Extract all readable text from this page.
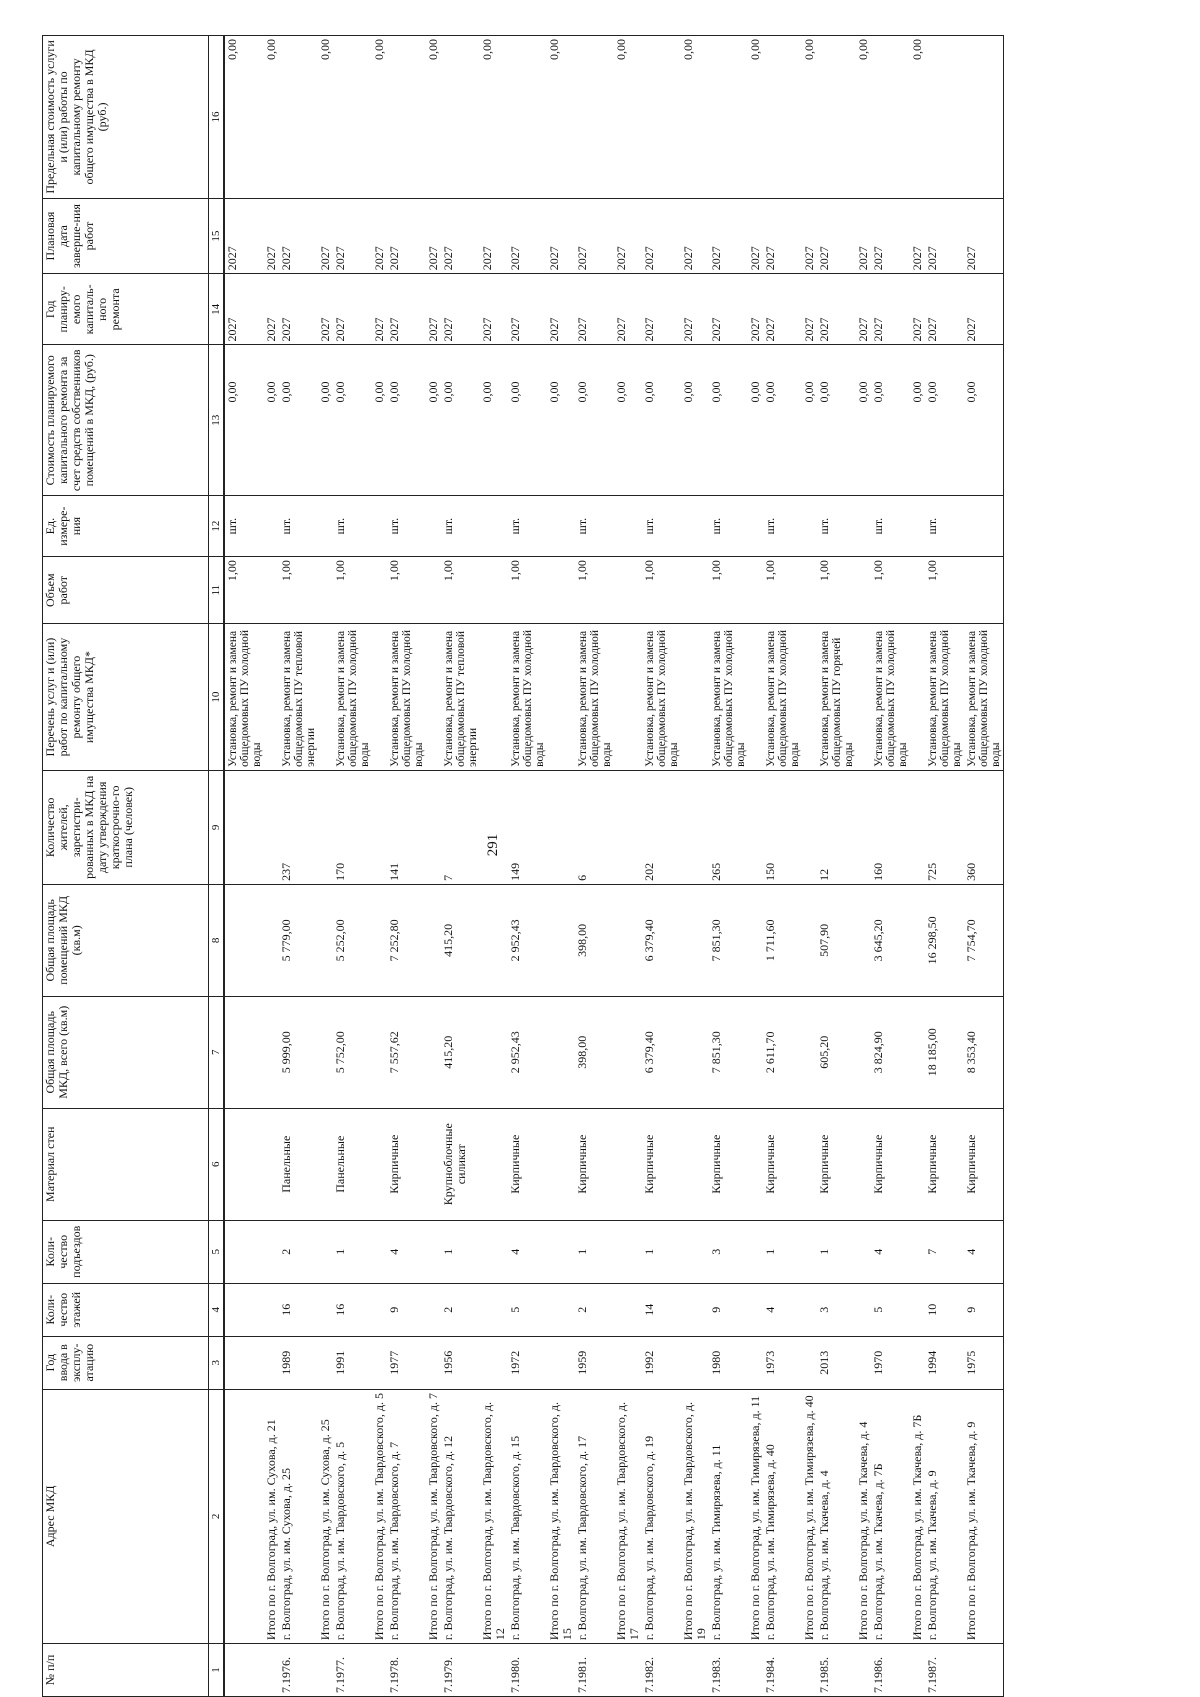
291
№ п/п	Адрес МКД	Год ввода в эксплу-атацию	Коли-чество этажей	Коли-чество подъездов	Материал стен	Общая площадь МКД, всего (кв.м)	Общая площадь помещений МКД (кв.м)	Количество жителей, зарегистри-рованных в МКД на дату утверждения краткосрочно-го плана (человек)	Перечень услуг и (или) работ по капитальному ремонту общего имущества МКД*	Объем работ	Ед. измере-ния	Стоимость планируемого капитального ремонта за счет средств собственников помещений в МКД, (руб.)	Год планиру-емого капиталь-ного ремонта	Плановая дата заверше-ния работ	Предельная стоимость услуги и (или) работы по капитальному ремонту общего имущества в МКД (руб.)
1	2	3	4	5	6	7	8	9	10	11	12	13	14	15	16
									Установка, ремонт и замена общедомовых ПУ холодной воды	1,00	шт.	0,00	2027	2027	0,00
	Итого по г. Волгоград, ул. им. Сухова, д. 21											0,00	2027	2027	0,00
7.1976.	г. Волгоград, ул. им. Сухова, д. 25	1989	16	2	Панельные	5 999,00	5 779,00	237	Установка, ремонт и замена общедомовых ПУ тепловой энергии	1,00	шт.	0,00	2027	2027	
	Итого по г. Волгоград, ул. им. Сухова, д. 25											0,00	2027	2027	0,00
7.1977.	г. Волгоград, ул. им. Твардовского, д. 5	1991	16	1	Панельные	5 752,00	5 252,00	170	Установка, ремонт и замена общедомовых ПУ холодной воды	1,00	шт.	0,00	2027	2027	
	Итого по г. Волгоград, ул. им. Твардовского, д. 5											0,00	2027	2027	0,00
7.1978.	г. Волгоград, ул. им. Твардовского, д. 7	1977	9	4	Кирпичные	7 557,62	7 252,80	141	Установка, ремонт и замена общедомовых ПУ холодной воды	1,00	шт.	0,00	2027	2027	
	Итого по г. Волгоград, ул. им. Твардовского, д. 7											0,00	2027	2027	0,00
7.1979.	г. Волгоград, ул. им. Твардовского, д. 12	1956	2	1	Крупноблочные силикат	415,20	415,20	7	Установка, ремонт и замена общедомовых ПУ тепловой энергии	1,00	шт.	0,00	2027	2027	
	Итого по г. Волгоград, ул. им. Твардовского, д. 12											0,00	2027	2027	0,00
7.1980.	г. Волгоград, ул. им. Твардовского, д. 15	1972	5	4	Кирпичные	2 952,43	2 952,43	149	Установка, ремонт и замена общедомовых ПУ холодной воды	1,00	шт.	0,00	2027	2027	
	Итого по г. Волгоград, ул. им. Твардовского, д. 15											0,00	2027	2027	0,00
7.1981.	г. Волгоград, ул. им. Твардовского, д. 17	1959	2	1	Кирпичные	398,00	398,00	6	Установка, ремонт и замена общедомовых ПУ холодной воды	1,00	шт.	0,00	2027	2027	
	Итого по г. Волгоград, ул. им. Твардовского, д. 17											0,00	2027	2027	0,00
7.1982.	г. Волгоград, ул. им. Твардовского, д. 19	1992	14	1	Кирпичные	6 379,40	6 379,40	202	Установка, ремонт и замена общедомовых ПУ холодной воды	1,00	шт.	0,00	2027	2027	
	Итого по г. Волгоград, ул. им. Твардовского, д. 19											0,00	2027	2027	0,00
7.1983.	г. Волгоград, ул. им. Тимирязева, д. 11	1980	9	3	Кирпичные	7 851,30	7 851,30	265	Установка, ремонт и замена общедомовых ПУ холодной воды	1,00	шт.	0,00	2027	2027	
	Итого по г. Волгоград, ул. им. Тимирязева, д. 11											0,00	2027	2027	0,00
7.1984.	г. Волгоград, ул. им. Тимирязева, д. 40	1973	4	1	Кирпичные	2 611,70	1 711,60	150	Установка, ремонт и замена общедомовых ПУ холодной воды	1,00	шт.	0,00	2027	2027	
	Итого по г. Волгоград, ул. им. Тимирязева, д. 40											0,00	2027	2027	0,00
7.1985.	г. Волгоград, ул. им. Ткачева, д. 4	2013	3	1	Кирпичные	605,20	507,90	12	Установка, ремонт и замена общедомовых ПУ горячей воды	1,00	шт.	0,00	2027	2027	
	Итого по г. Волгоград, ул. им. Ткачева, д. 4											0,00	2027	2027	0,00
7.1986.	г. Волгоград, ул. им. Ткачева, д. 7Б	1970	5	4	Кирпичные	3 824,90	3 645,20	160	Установка, ремонт и замена общедомовых ПУ холодной воды	1,00	шт.	0,00	2027	2027	
	Итого по г. Волгоград, ул. им. Ткачева, д. 7Б											0,00	2027	2027	0,00
7.1987.	г. Волгоград, ул. им. Ткачева, д. 9	1994	10	7	Кирпичные	18 185,00	16 298,50	725	Установка, ремонт и замена общедомовых ПУ холодной воды	1,00	шт.	0,00	2027	2027	
	Итого по г. Волгоград, ул. им. Ткачева, д. 9	1975	9	4	Кирпичные	8 353,40	7 754,70	360	Установка, ремонт и замена общедомовых ПУ холодной воды			0,00	2027	2027	
